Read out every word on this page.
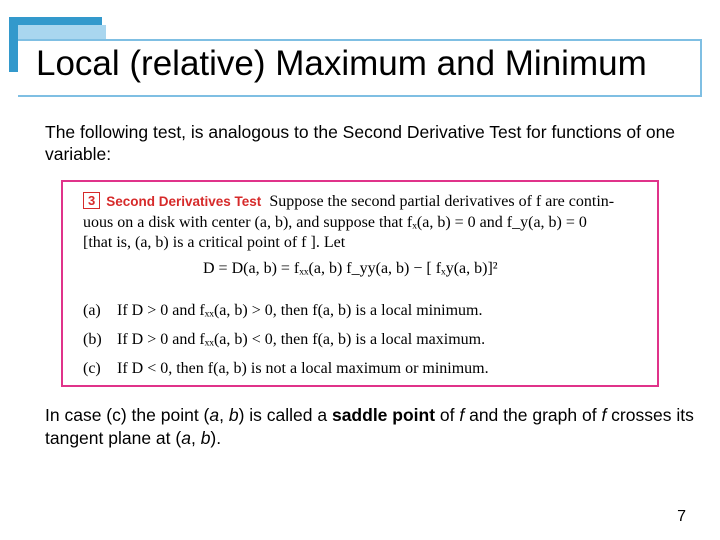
Local (relative) Maximum and Minimum

The following test, is analogous to the Second Derivative Test for functions of one variable:

3 Second Derivatives Test Suppose the second partial derivatives of f are contin-
uous on a disk with center (a, b), and suppose that fₓ(a, b) = 0 and f_y(a, b) = 0
[that is, (a, b) is a critical point of f ]. Let
D = D(a, b) = fₓₓ(a, b) f_yy(a, b) − [ fₓy(a, b)]²
(a) If D > 0 and fₓₓ(a, b) > 0, then f(a, b) is a local minimum.
(b) If D > 0 and fₓₓ(a, b) < 0, then f(a, b) is a local maximum.
(c) If D < 0, then f(a, b) is not a local maximum or minimum.

In case (c) the point (a, b) is called a saddle point of f and the graph of f crosses its tangent plane at (a, b).

7
